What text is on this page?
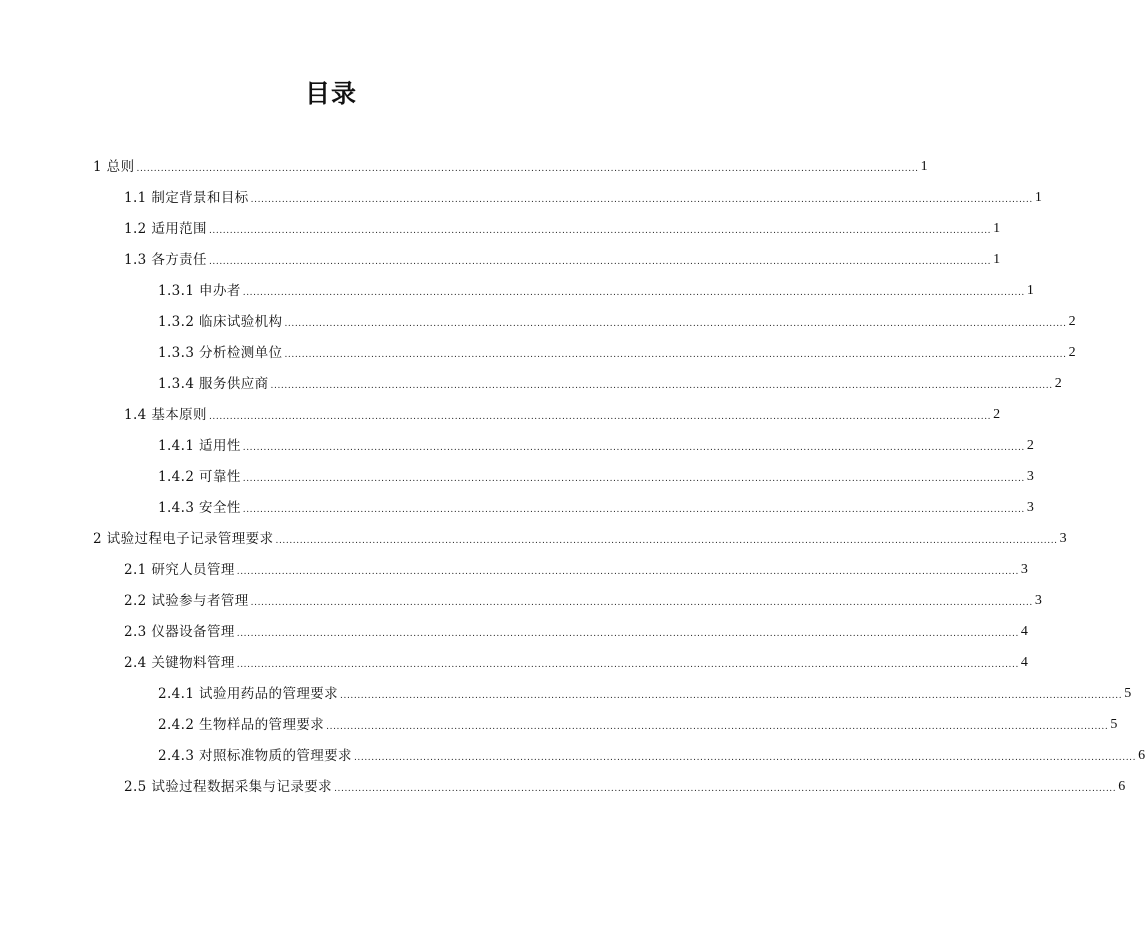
目录
1 总则 .................................................................................................................................................................................................................................. 1
1.1 制定背景和目标 .................................................................................................................................................................................................................................. 1
1.2 适用范围 .................................................................................................................................................................................................................................. 1
1.3 各方责任 .................................................................................................................................................................................................................................. 1
1.3.1 申办者 .................................................................................................................................................................................................................................. 1
1.3.2 临床试验机构 .................................................................................................................................................................................................................................. 2
1.3.3 分析检测单位 .................................................................................................................................................................................................................................. 2
1.3.4 服务供应商 .................................................................................................................................................................................................................................. 2
1.4 基本原则 .................................................................................................................................................................................................................................. 2
1.4.1 适用性 .................................................................................................................................................................................................................................. 2
1.4.2 可靠性 .................................................................................................................................................................................................................................. 3
1.4.3 安全性 .................................................................................................................................................................................................................................. 3
2 试验过程电子记录管理要求 .................................................................................................................................................................................................................................. 3
2.1 研究人员管理 .................................................................................................................................................................................................................................. 3
2.2 试验参与者管理 .................................................................................................................................................................................................................................. 3
2.3 仪器设备管理 .................................................................................................................................................................................................................................. 4
2.4 关键物料管理 .................................................................................................................................................................................................................................. 4
2.4.1 试验用药品的管理要求 .................................................................................................................................................................................................................................. 5
2.4.2 生物样品的管理要求 .................................................................................................................................................................................................................................. 5
2.4.3 对照标准物质的管理要求 .................................................................................................................................................................................................................................. 6
2.5 试验过程数据采集与记录要求 .................................................................................................................................................................................................................................. 6
